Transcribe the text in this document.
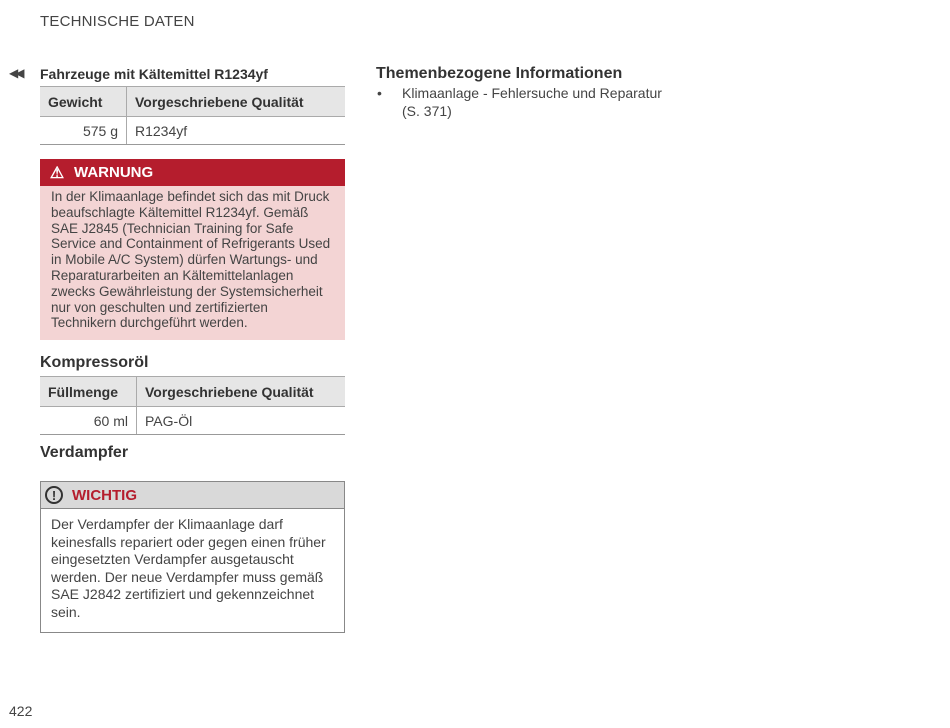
TECHNISCHE DATEN
◀◀ Fahrzeuge mit Kältemittel R1234yf
Gewicht	Vorgeschriebene Qualität
575 g	R1234yf
⚠ WARNUNG
In der Klimaanlage befindet sich das mit Druck beaufschlagte Kältemittel R1234yf. Gemäß SAE J2845 (Technician Training for Safe Service and Containment of Refrigerants Used in Mobile A/C System) dürfen Wartungs- und Reparaturarbeiten an Kältemittelanlagen zwecks Gewährleistung der Systemsicherheit nur von geschulten und zertifizierten Technikern durchgeführt werden.
Kompressoröl
Füllmenge	Vorgeschriebene Qualität
60 ml	PAG-Öl
Verdampfer
!	WICHTIG
Der Verdampfer der Klimaanlage darf keinesfalls repariert oder gegen einen früher eingesetzten Verdampfer ausgetauscht werden. Der neue Verdampfer muss gemäß SAE J2842 zertifiziert und gekennzeichnet sein.
Themenbezogene Informationen
• Klimaanlage - Fehlersuche und Reparatur (S. 371)
422
